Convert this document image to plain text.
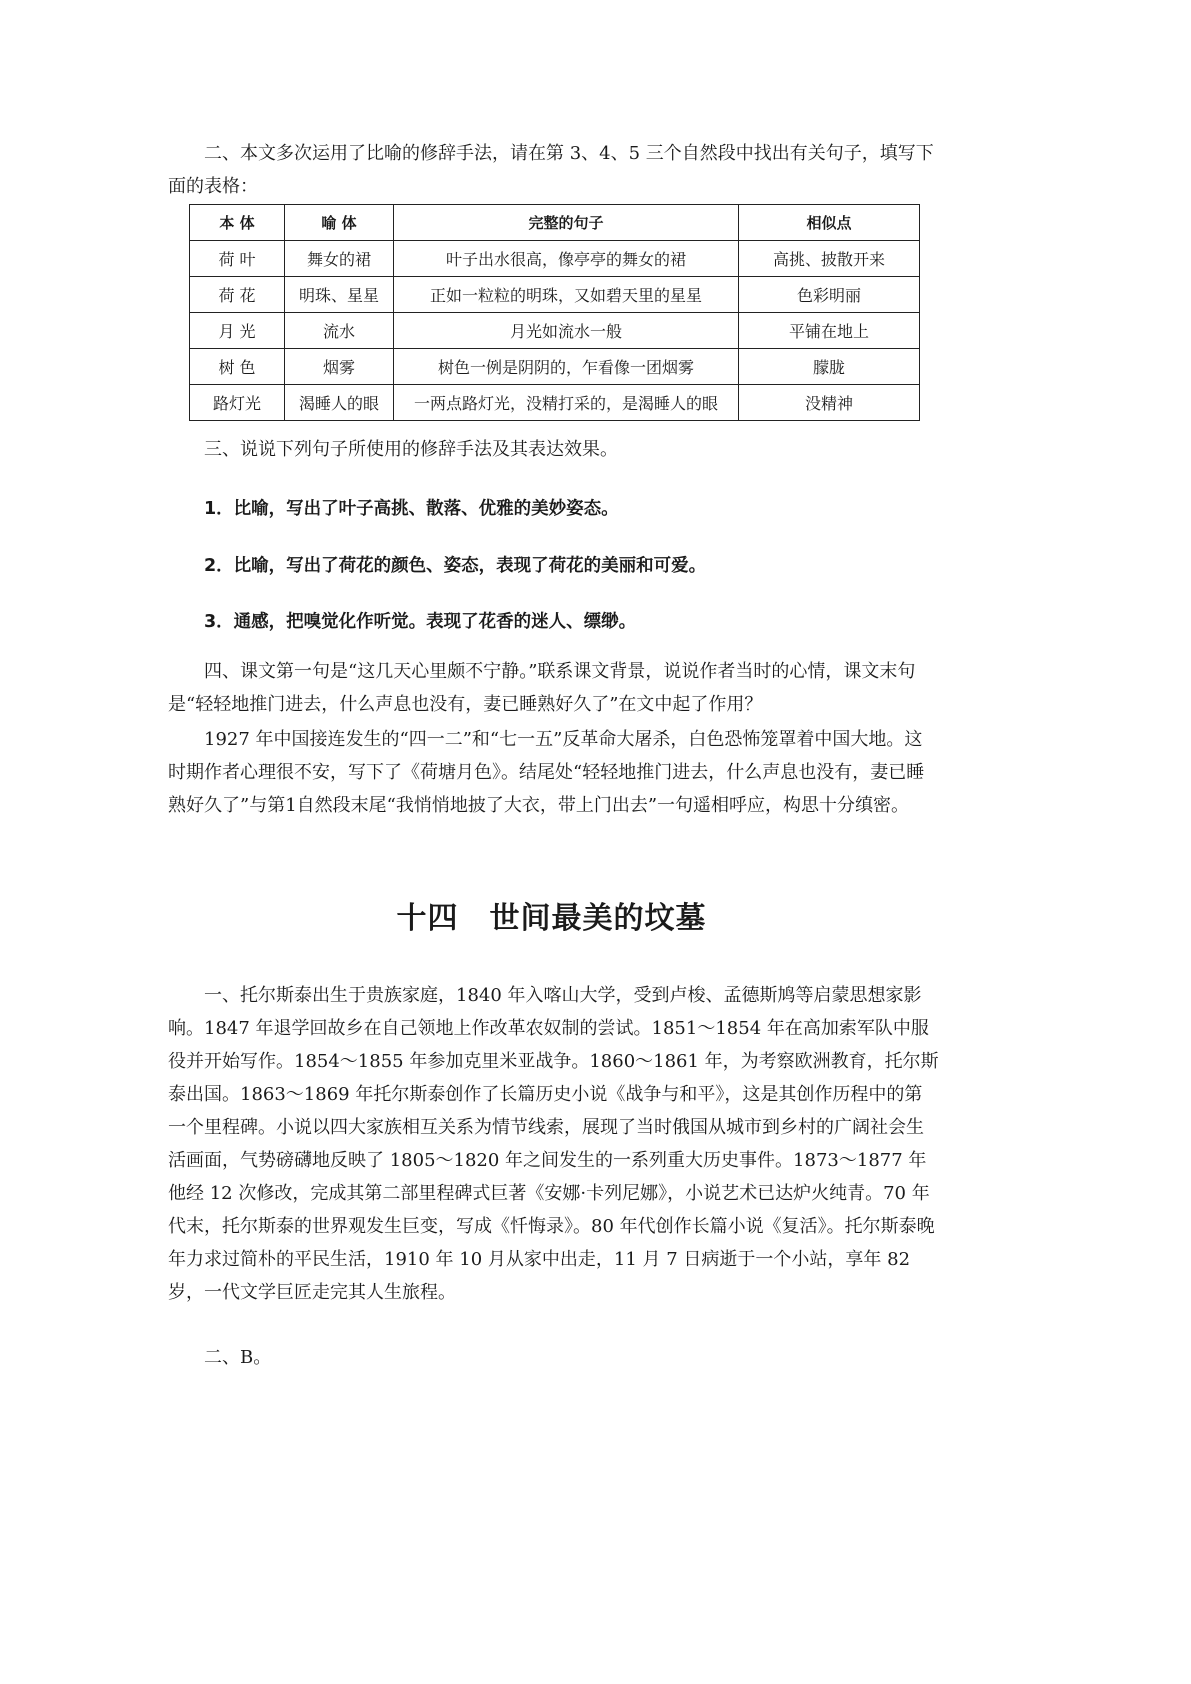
二、本文多次运用了比喻的修辞手法，请在第 3、4、5 三个自然段中找出有关句子，填写下面的表格：

本 体	喻 体	完整的句子	相似点
荷 叶	舞女的裙	叶子出水很高，像亭亭的舞女的裙	高挑、披散开来
荷 花	明珠、星星	正如一粒粒的明珠，又如碧天里的星星	色彩明丽
月 光	流水	月光如流水一般	平铺在地上
树 色	烟雾	树色一例是阴阴的，乍看像一团烟雾	朦胧
路灯光	渴睡人的眼	一两点路灯光，没精打采的，是渴睡人的眼	没精神

三、说说下列句子所使用的修辞手法及其表达效果。

1．比喻，写出了叶子高挑、散落、优雅的美妙姿态。

2．比喻，写出了荷花的颜色、姿态，表现了荷花的美丽和可爱。

3．通感，把嗅觉化作听觉。表现了花香的迷人、缥缈。

四、课文第一句是“这几天心里颇不宁静。”联系课文背景，说说作者当时的心情，课文末句是“轻轻地推门进去，什么声息也没有，妻已睡熟好久了”在文中起了作用？

1927 年中国接连发生的“四一二”和“七一五”反革命大屠杀，白色恐怖笼罩着中国大地。这时期作者心理很不安，写下了《荷塘月色》。结尾处“轻轻地推门进去，什么声息也没有，妻已睡熟好久了”与第1自然段末尾“我悄悄地披了大衣，带上门出去”一句遥相呼应，构思十分缜密。

十四　世间最美的坟墓

一、托尔斯泰出生于贵族家庭，1840 年入喀山大学，受到卢梭、孟德斯鸠等启蒙思想家影响。1847 年退学回故乡在自己领地上作改革农奴制的尝试。1851～1854 年在高加索军队中服役并开始写作。1854～1855 年参加克里米亚战争。1860～1861 年，为考察欧洲教育，托尔斯泰出国。1863～1869 年托尔斯泰创作了长篇历史小说《战争与和平》，这是其创作历程中的第一个里程碑。小说以四大家族相互关系为情节线索，展现了当时俄国从城市到乡村的广阔社会生活画面，气势磅礴地反映了 1805～1820 年之间发生的一系列重大历史事件。1873～1877 年他经 12 次修改，完成其第二部里程碑式巨著《安娜·卡列尼娜》，小说艺术已达炉火纯青。70 年代末，托尔斯泰的世界观发生巨变，写成《忏悔录》。80 年代创作长篇小说《复活》。托尔斯泰晚年力求过简朴的平民生活，1910 年 10 月从家中出走，11 月 7 日病逝于一个小站，享年 82 岁，一代文学巨匠走完其人生旅程。

二、B。
